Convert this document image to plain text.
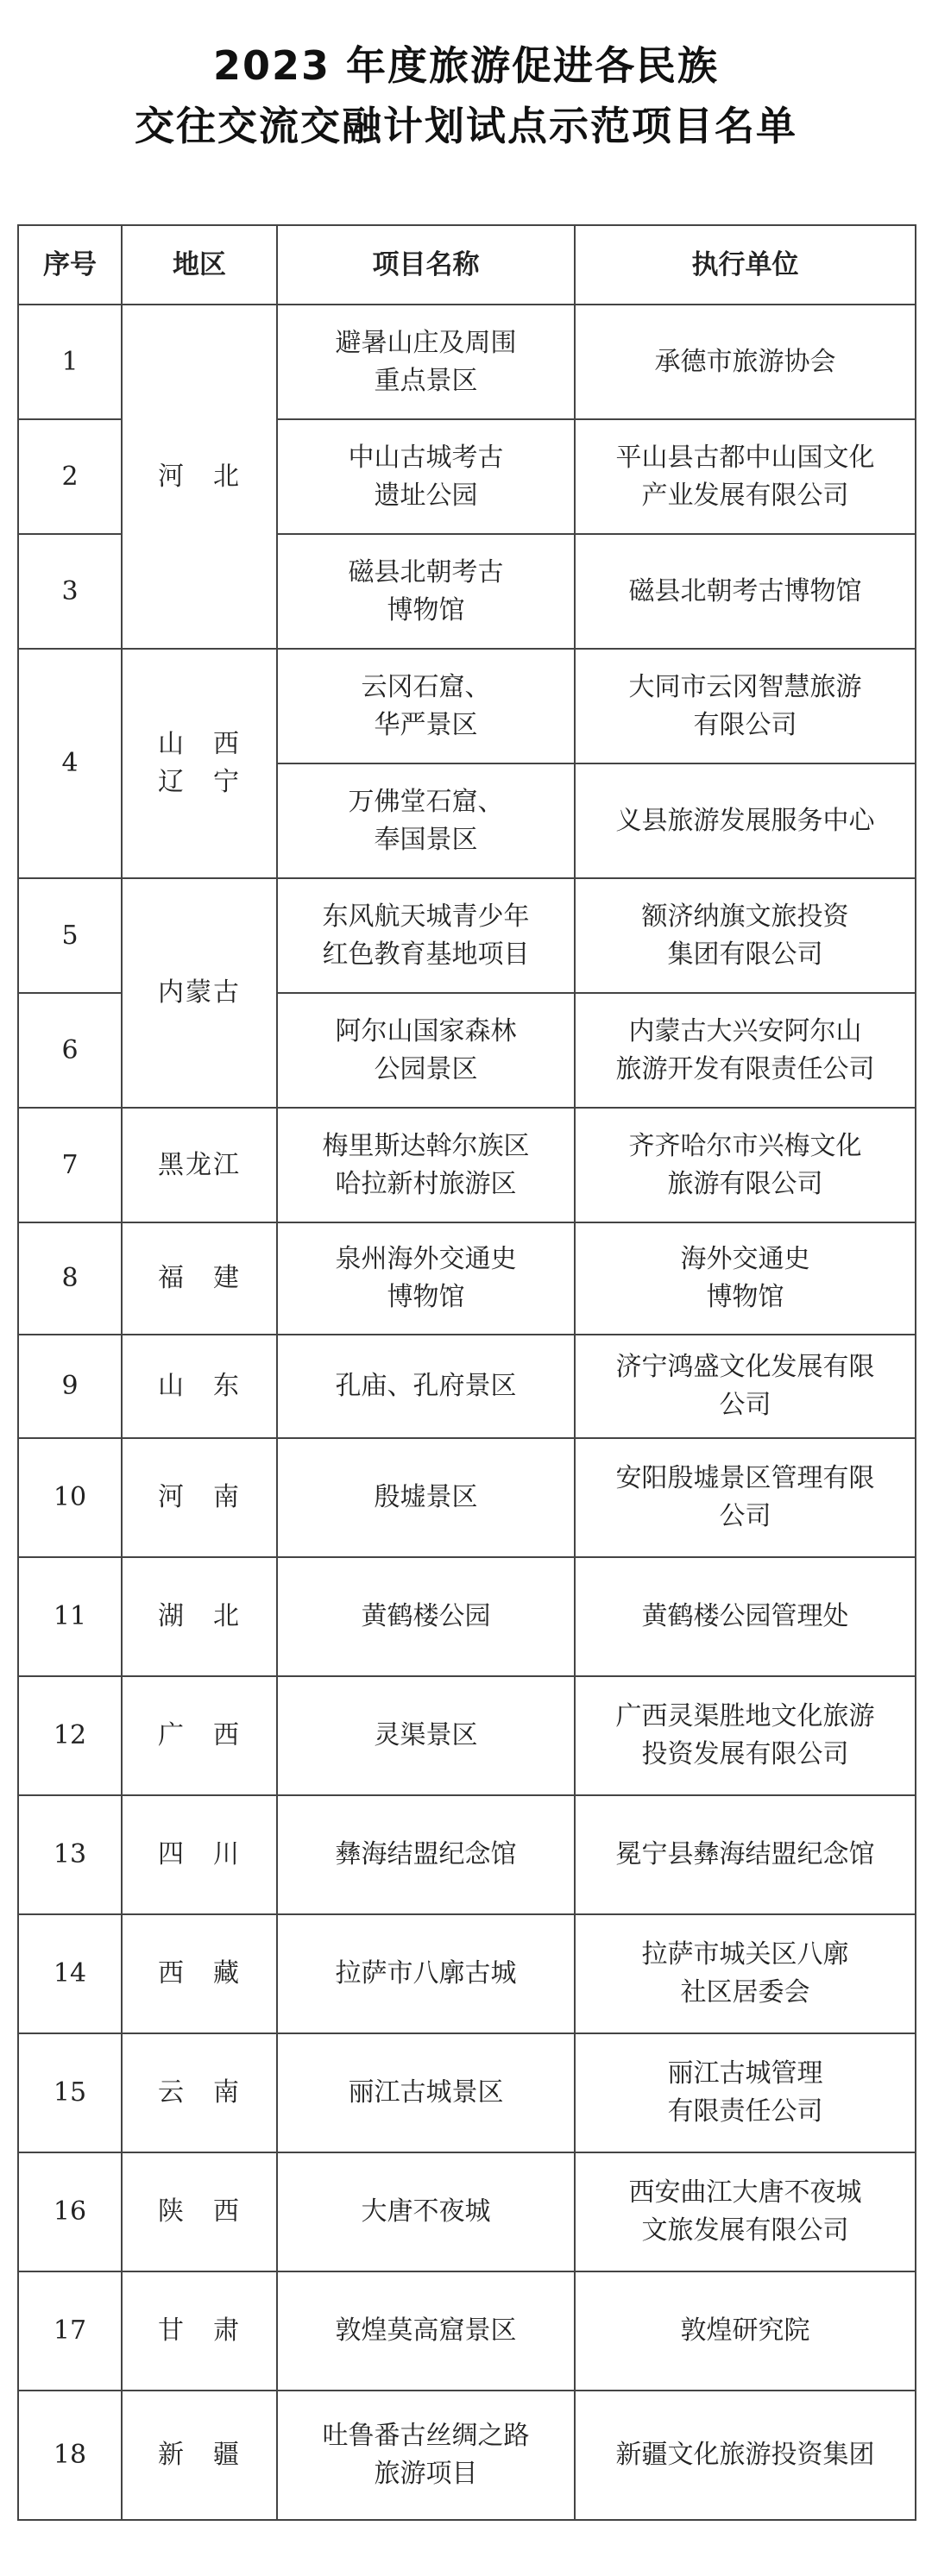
2023 年度旅游促进各民族
交往交流交融计划试点示范项目名单
序号	地区	项目名称	执行单位
1	河　北	避暑山庄及周围
重点景区	承德市旅游协会

2		中山古城考古
遗址公园	平山县古都中山国文化
产业发展有限公司

3		磁县北朝考古
博物馆	磁县北朝考古博物馆

4	山　西
辽　宁	云冈石窟、
华严景区	大同市云冈智慧旅游
有限公司

		万佛堂石窟、
奉国景区	义县旅游发展服务中心

5	内蒙古	东风航天城青少年
红色教育基地项目	额济纳旗文旅投资
集团有限公司

6		阿尔山国家森林
公园景区	内蒙古大兴安阿尔山
旅游开发有限责任公司

7	黑龙江	梅里斯达斡尔族区
哈拉新村旅游区	齐齐哈尔市兴梅文化
旅游有限公司

8	福　建	泉州海外交通史
博物馆	海外交通史
博物馆

9	山　东	孔庙、孔府景区	济宁鸿盛文化发展有限
公司

10	河　南	殷墟景区	安阳殷墟景区管理有限
公司

11	湖　北	黄鹤楼公园	黄鹤楼公园管理处

12	广　西	灵渠景区	广西灵渠胜地文化旅游
投资发展有限公司

13	四　川	彝海结盟纪念馆	冕宁县彝海结盟纪念馆

14	西　藏	拉萨市八廓古城	拉萨市城关区八廓
社区居委会

15	云　南	丽江古城景区	丽江古城管理
有限责任公司

16	陕　西	大唐不夜城	西安曲江大唐不夜城
文旅发展有限公司

17	甘　肃	敦煌莫高窟景区	敦煌研究院

18	新　疆	吐鲁番古丝绸之路
旅游项目	新疆文化旅游投资集团
